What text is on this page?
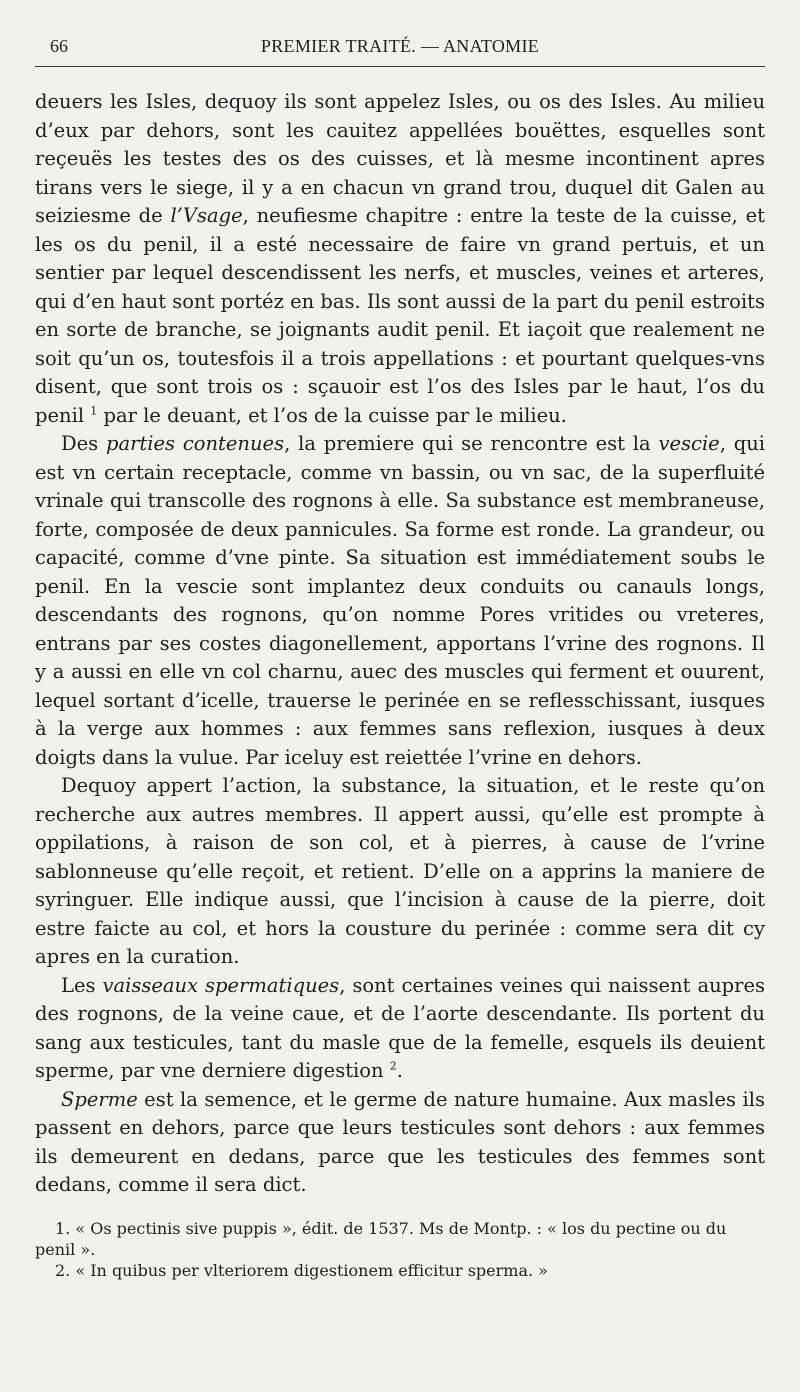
66	PREMIER TRAITÉ. — ANATOMIE

deuers les Isles, dequoy ils sont appelez Isles, ou os des Isles. Au milieu d’eux par dehors, sont les cauitez appellées bouëttes, esquelles sont reçeuës les testes des os des cuisses, et là mesme incontinent apres tirans vers le siege, il y a en chacun vn grand trou, duquel dit Galen au seiziesme de l’Vsage, neufiesme chapitre : entre la teste de la cuisse, et les os du penil, il a esté necessaire de faire vn grand pertuis, et un sentier par lequel descendissent les nerfs, et muscles, veines et arteres, qui d’en haut sont portéz en bas. Ils sont aussi de la part du penil estroits en sorte de branche, se joignants audit penil. Et iaçoit que realement ne soit qu’un os, toutesfois il a trois appellations : et pourtant quelques-vns disent, que sont trois os : sçauoir est l’os des Isles par le haut, l’os du penil $^1$ par le deuant, et l’os de la cuisse par le milieu.

Des parties contenues, la premiere qui se rencontre est la vescie, qui est vn certain receptacle, comme vn bassin, ou vn sac, de la superfluité vrinale qui transcolle des rognons à elle. Sa substance est membraneuse, forte, composée de deux pannicules. Sa forme est ronde. La grandeur, ou capacité, comme d’vne pinte. Sa situation est immédiatement soubs le penil. En la vescie sont implantez deux conduits ou canauls longs, descendants des rognons, qu’on nomme Pores vritides ou vreteres, entrans par ses costes diagonellement, apportans l’vrine des rognons. Il y a aussi en elle vn col charnu, auec des muscles qui ferment et ouurent, lequel sortant d’icelle, trauerse le perinée en se reflesschissant, iusques à la verge aux hommes : aux femmes sans reflexion, iusques à deux doigts dans la vulue. Par iceluy est reiettée l’vrine en dehors.

Dequoy appert l’action, la substance, la situation, et le reste qu’on recherche aux autres membres. Il appert aussi, qu’elle est prompte à oppilations, à raison de son col, et à pierres, à cause de l’vrine sablonneuse qu’elle reçoit, et retient. D’elle on a apprins la maniere de syringuer. Elle indique aussi, que l’incision à cause de la pierre, doit estre faicte au col, et hors la cousture du perinée : comme sera dit cy apres en la curation.

Les vaisseaux spermatiques, sont certaines veines qui naissent aupres des rognons, de la veine caue, et de l’aorte descendante. Ils portent du sang aux testicules, tant du masle que de la femelle, esquels ils deuient sperme, par vne derniere digestion $^2$.

Sperme est la semence, et le germe de nature humaine. Aux masles ils passent en dehors, parce que leurs testicules sont dehors : aux femmes ils demeurent en dedans, parce que les testicules des femmes sont dedans, comme il sera dict.

1. « Os pectinis sive puppis », édit. de 1537. Ms de Montp. : « los du pectine ou du penil ».

2. « In quibus per vlteriorem digestionem efficitur sperma. »
